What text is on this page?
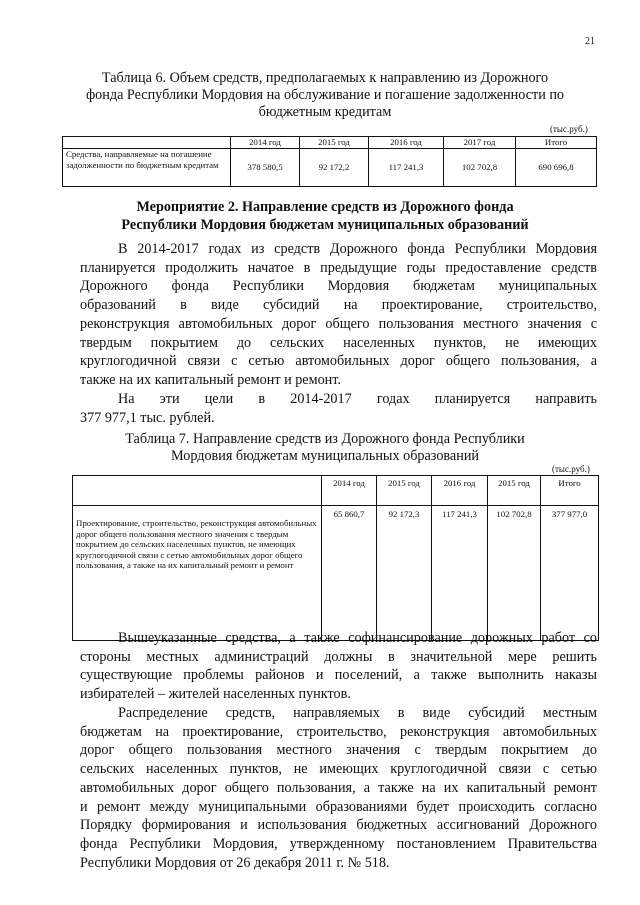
21
Таблица 6. Объем средств, предполагаемых к направлению из Дорожного
фонда Республики Мордовия на обслуживание и погашение задолженности по
бюджетным кредитам
(тыс.руб.)
	2014 год	2015 год	2016 год	2017 год	Итого
Средства, направляемые на погашение задолженности по бюджетным кредитам	378 580,5	92 172,2	117 241,3	102 702,8	690 696,8
Мероприятие 2. Направление средств из Дорожного фонда
Республики Мордовия бюджетам муниципальных образований
В 2014-2017 годах из средств Дорожного фонда Республики Мордовия
планируется продолжить начатое в предыдущие годы предоставление средств
Дорожного фонда Республики Мордовия бюджетам муниципальных
образований в виде субсидий на проектирование, строительство,
реконструкция автомобильных дорог общего пользования местного значения с
твердым покрытием до сельских населенных пунктов, не имеющих
круглогодичной связи с сетью автомобильных дорог общего пользования, а
также на их капитальный ремонт и ремонт.
На эти цели в 2014-2017 годах планируется направить
377 977,1 тыс. рублей.
Таблица 7. Направление средств из Дорожного фонда Республики
Мордовия бюджетам муниципальных образований
(тыс.руб.)
	2014 год	2015 год	2016 год	2015 год	Итого
Проектирование, строительство, реконструкция автомобильных дорог общего пользования местного значения с твердым покрытием до сельских населенных пунктов, не имеющих круглогодичной связи с сетью автомобильных дорог общего пользования, а также на их капитальный ремонт и ремонт	65 860,7	92 172,3	117 241,3	102 702,8	377 977,0
Вышеуказанные средства, а также софинансирование дорожных работ со
стороны местных администраций должны в значительной мере решить
существующие проблемы районов и поселений, а также выполнить наказы
избирателей – жителей населенных пунктов.
Распределение средств, направляемых в виде субсидий местным
бюджетам на проектирование, строительство, реконструкция автомобильных
дорог общего пользования местного значения с твердым покрытием до
сельских населенных пунктов, не имеющих круглогодичной связи с сетью
автомобильных дорог общего пользования, а также на их капитальный ремонт
и ремонт между муниципальными образованиями будет происходить согласно
Порядку формирования и использования бюджетных ассигнований Дорожного
фонда Республики Мордовия, утвержденному постановлением Правительства
Республики Мордовия от 26 декабря 2011 г. № 518.
